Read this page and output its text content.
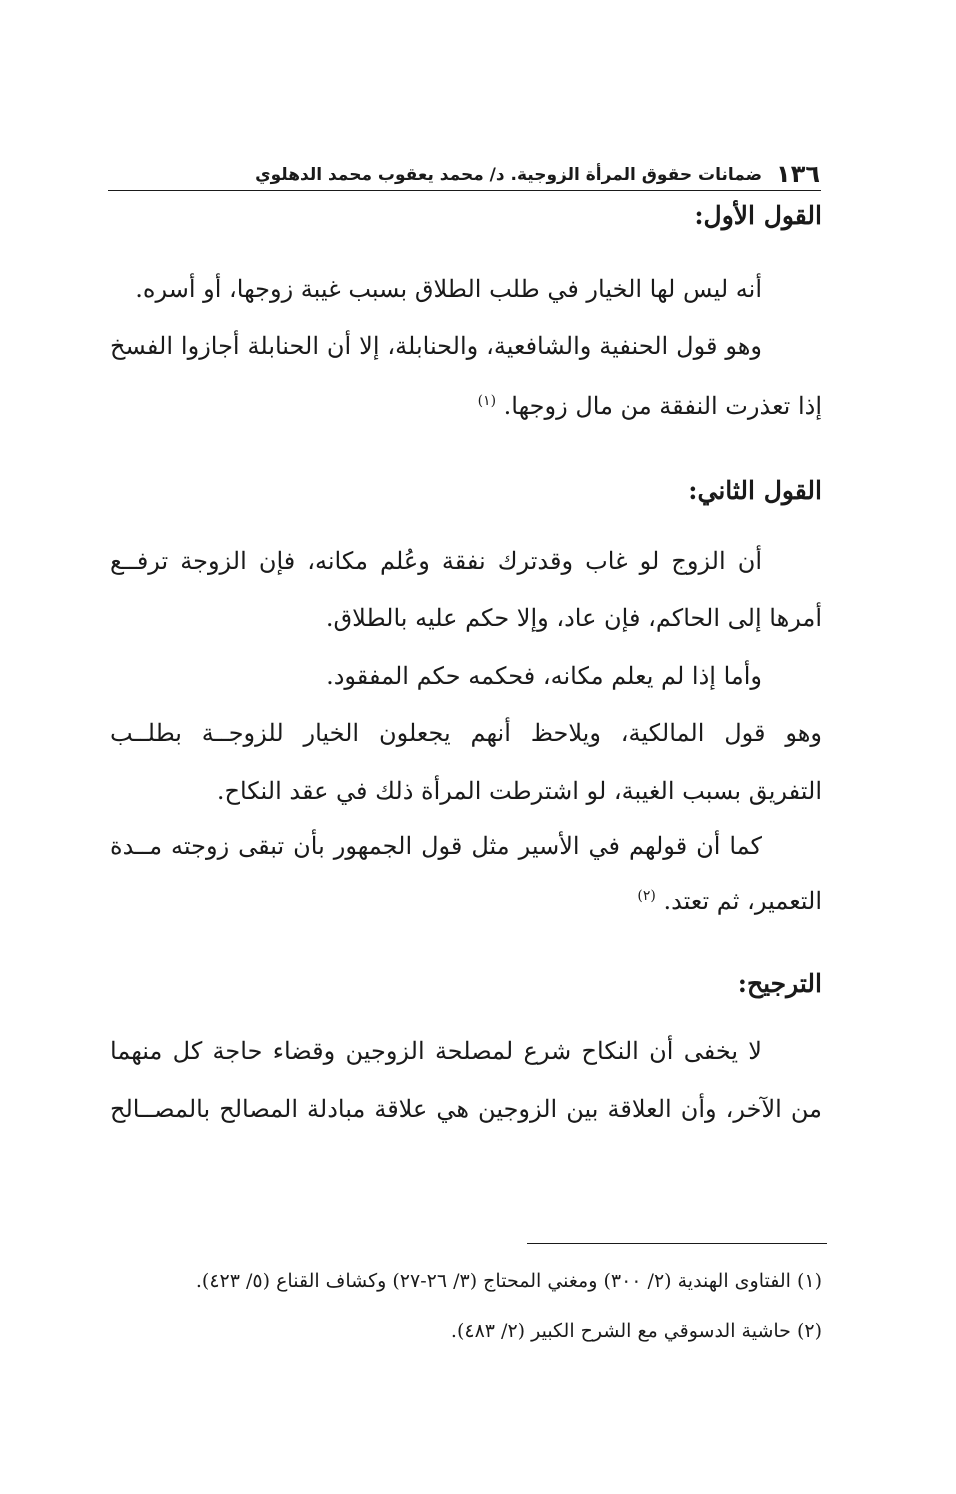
١٣٦
ضمانات حقوق المرأة الزوجية. د/ محمد يعقوب محمد الدهلوي
القول الأول:
أنه ليس لها الخيار في طلب الطلاق بسبب غيبة زوجها، أو أسره.
وهو قول الحنفية والشافعية، والحنابلة، إلا أن الحنابلة أجازوا الفسخ
إذا تعذرت النفقة من مال زوجها. $^{(١)}$
القول الثاني:
أن الزوج لو غاب وقدترك نفقة وعُلم مكانه، فإن الزوجة ترفــع
أمرها إلى الحاكم، فإن عاد، وإلا حكم عليه بالطلاق.
وأما إذا لم يعلم مكانه، فحكمه حكم المفقود.
وهو قول المالكية، ويلاحظ أنهم يجعلون الخيار للزوجــة بطلــب
التفريق بسبب الغيبة، لو اشترطت المرأة ذلك في عقد النكاح.
كما أن قولهم في الأسير مثل قول الجمهور بأن تبقى زوجته مــدة
التعمير، ثم تعتد. $^{(٢)}$
الترجيح:
لا يخفى أن النكاح شرع لمصلحة الزوجين وقضاء حاجة كل منهما
من الآخر، وأن العلاقة بين الزوجين هي علاقة مبادلة المصالح بالمصــالح
(١) الفتاوى الهندية (٢/ ٣٠٠) ومغني المحتاج (٣/ ٢٦-٢٧) وكشاف القناع (٥/ ٤٢٣).
(٢) حاشية الدسوقي مع الشرح الكبير (٢/ ٤٨٣).
